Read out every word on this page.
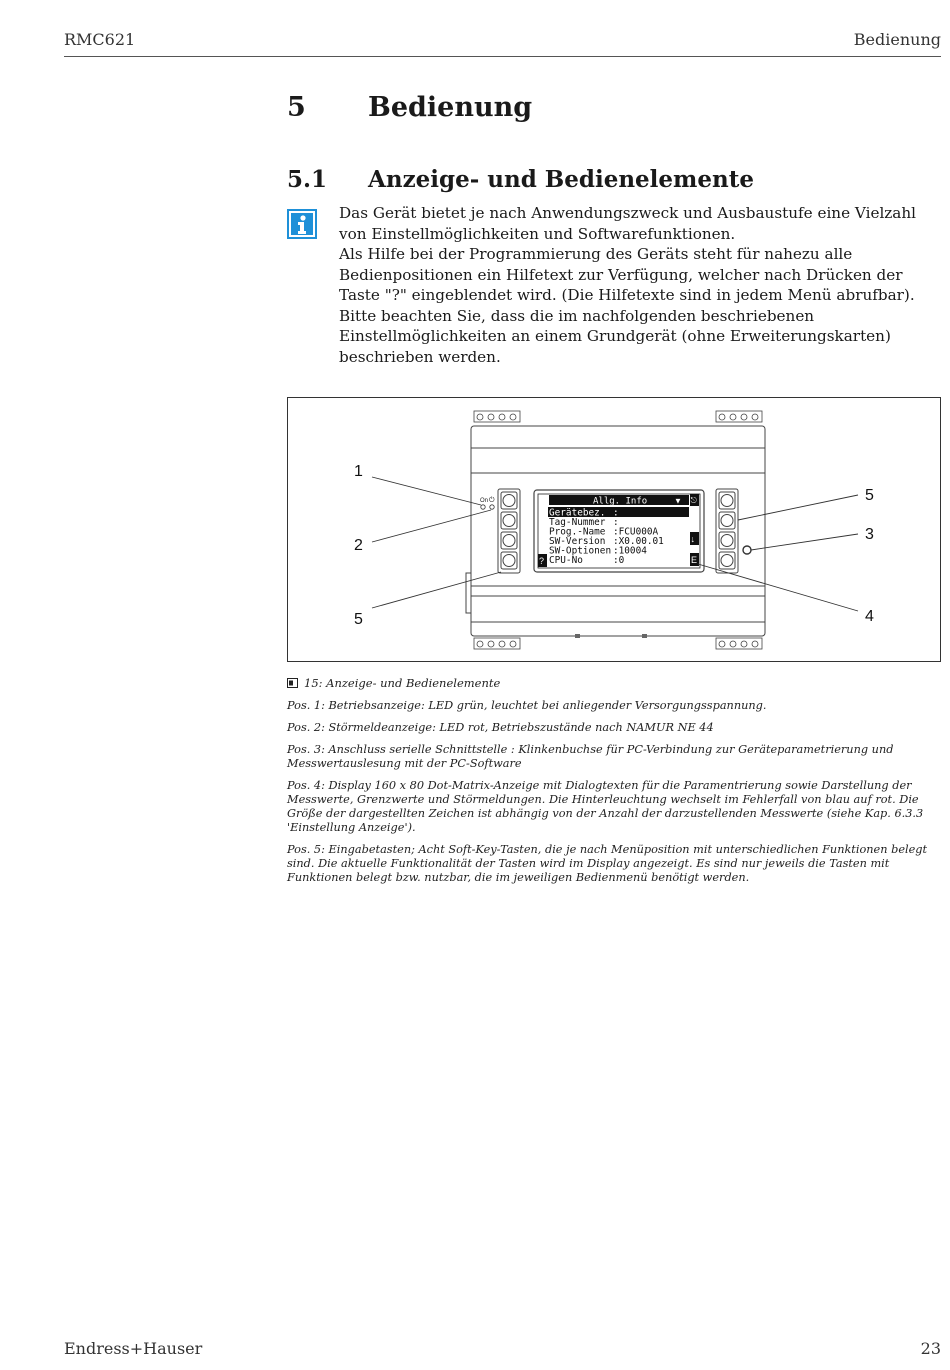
RMC621	Bedienung
5 Bedienung
5.1 Anzeige- und Bedienelemente

Das Gerät bietet je nach Anwendungszweck und Ausbaustufe eine Vielzahl von Einstellmöglichkeiten und Softwarefunktionen.

Als Hilfe bei der Programmierung des Geräts steht für nahezu alle Bedienpositionen ein Hilfetext zur Verfügung, welcher nach Drücken der Taste "?" eingeblendet wird. (Die Hilfetexte sind in jedem Menü abrufbar).

Bitte beachten Sie, dass die im nachfolgenden beschriebenen Einstellmöglichkeiten an einem Grundgerät (ohne Erweiterungskarten) beschrieben werden.

On ⏻	Allg. Info	▼
Gerätebez. :
Tag-Nummer :
Prog.-Name :FCU000A
SW-Version :X0.00.01
SW-Optionen :10004
CPU-No	:0
?
⎋
↓
E
1
2
5
5
3
4
15: Anzeige- und Bedienelemente

Pos. 1: Betriebsanzeige: LED grün, leuchtet bei anliegender Versorgungsspannung.

Pos. 2: Störmeldeanzeige: LED rot, Betriebszustände nach NAMUR NE 44

Pos. 3: Anschluss serielle Schnittstelle : Klinkenbuchse für PC-Verbindung zur Geräteparametrierung und Messwertauslesung mit der PC-Software

Pos. 4: Display 160 x 80 Dot-Matrix-Anzeige mit Dialogtexten für die Paramentrierung sowie Darstellung der Messwerte, Grenzwerte und Störmeldungen. Die Hinterleuchtung wechselt im Fehlerfall von blau auf rot. Die Größe der dargestellten Zeichen ist abhängig von der Anzahl der darzustellenden Messwerte (siehe Kap. 6.3.3 'Einstellung Anzeige').

Pos. 5: Eingabetasten; Acht Soft-Key-Tasten, die je nach Menüposition mit unterschiedlichen Funktionen belegt sind. Die aktuelle Funktionalität der Tasten wird im Display angezeigt. Es sind nur jeweils die Tasten mit Funktionen belegt bzw. nutzbar, die im jeweiligen Bedienmenü benötigt werden.

Endress+Hauser	23
